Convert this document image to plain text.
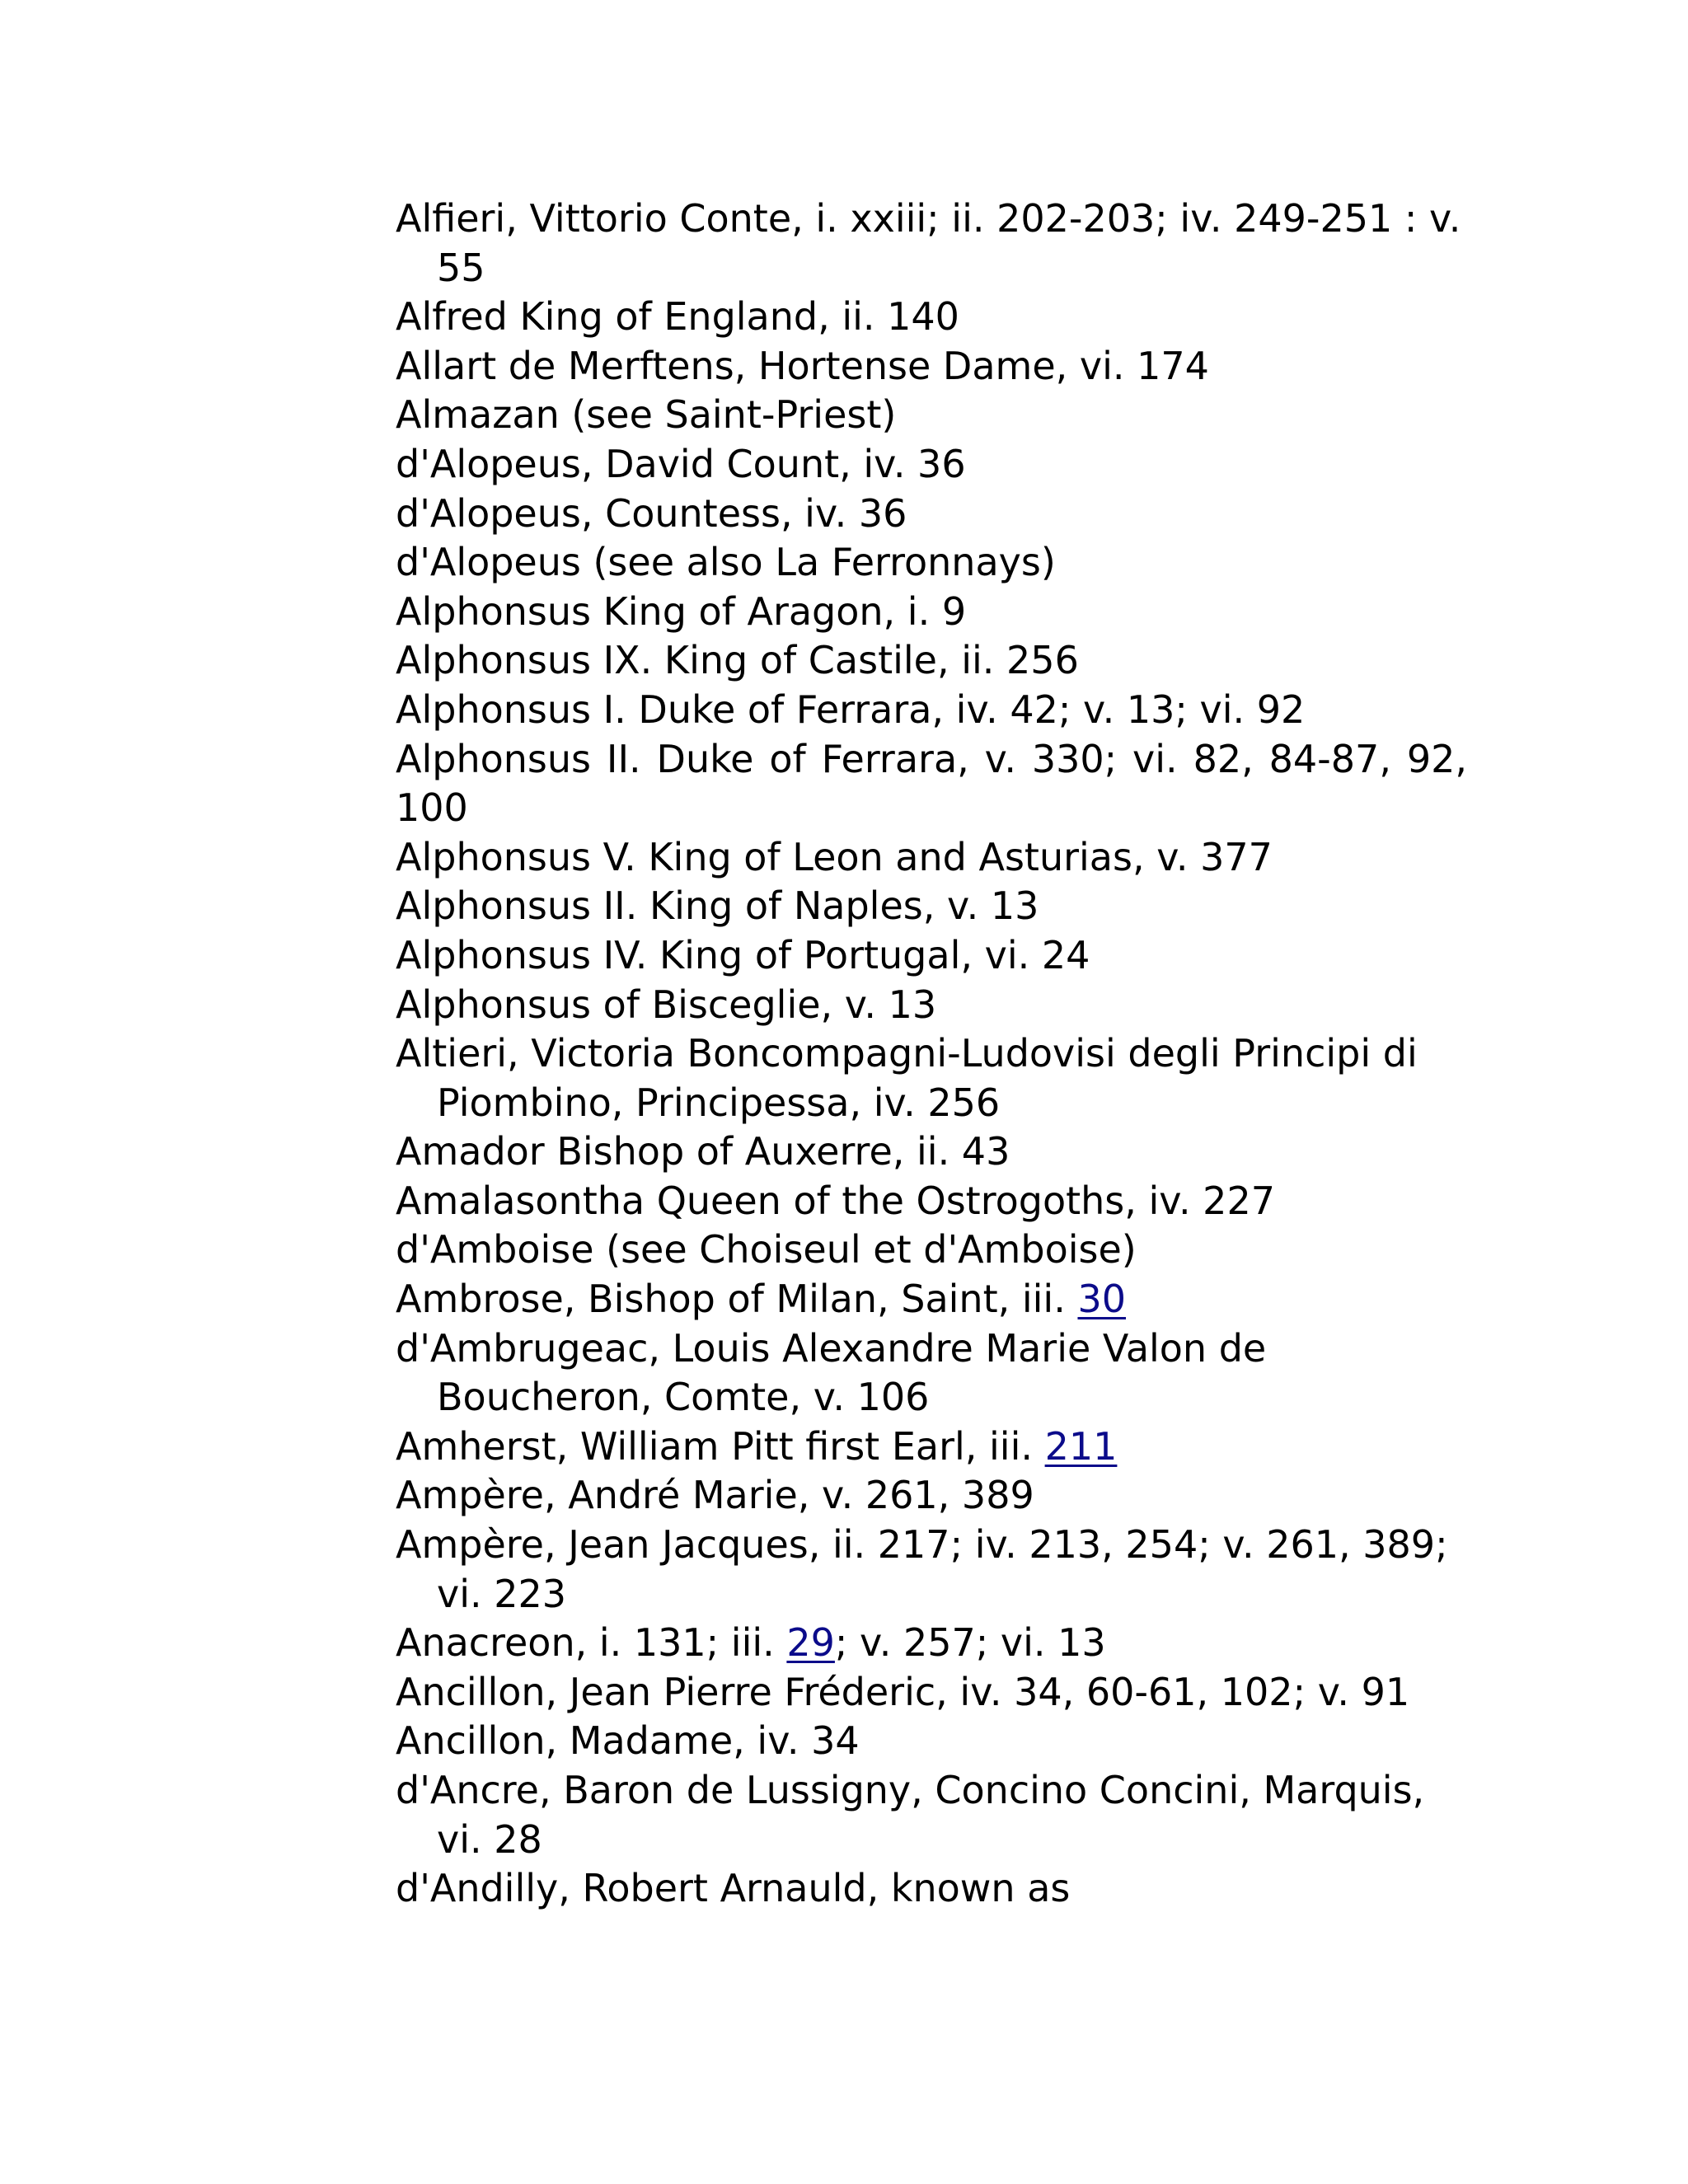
Alfieri, Vittorio Conte, i. xxiii; ii. 202-203; iv. 249-251 : v. 55

Alfred King of England, ii. 140

Allart de Merftens, Hortense Dame, vi. 174

Almazan (see Saint-Priest)

d'Alopeus, David Count, iv. 36

d'Alopeus, Countess, iv. 36

d'Alopeus (see also La Ferronnays)

Alphonsus King of Aragon, i. 9

Alphonsus IX. King of Castile, ii. 256

Alphonsus I. Duke of Ferrara, iv. 42; v. 13; vi. 92

Alphonsus II. Duke of Ferrara, v. 330; vi. 82, 84-87, 92, 100

Alphonsus V. King of Leon and Asturias, v. 377

Alphonsus II. King of Naples, v. 13

Alphonsus IV. King of Portugal, vi. 24

Alphonsus of Bisceglie, v. 13

Altieri, Victoria Boncompagni-Ludovisi degli Principi di Piombino, Principessa, iv. 256

Amador Bishop of Auxerre, ii. 43

Amalasontha Queen of the Ostrogoths, iv. 227

d'Amboise (see Choiseul et d'Amboise)

Ambrose, Bishop of Milan, Saint, iii. 30

d'Ambrugeac, Louis Alexandre Marie Valon de Boucheron, Comte, v. 106

Amherst, William Pitt first Earl, iii. 211

Ampère, André Marie, v. 261, 389

Ampère, Jean Jacques, ii. 217; iv. 213, 254; v. 261, 389; vi. 223

Anacreon, i. 131; iii. 29; v. 257; vi. 13

Ancillon, Jean Pierre Fréderic, iv. 34, 60-61, 102; v. 91

Ancillon, Madame, iv. 34

d'Ancre, Baron de Lussigny, Concino Concini, Marquis, vi. 28

d'Andilly, Robert Arnauld, known as
